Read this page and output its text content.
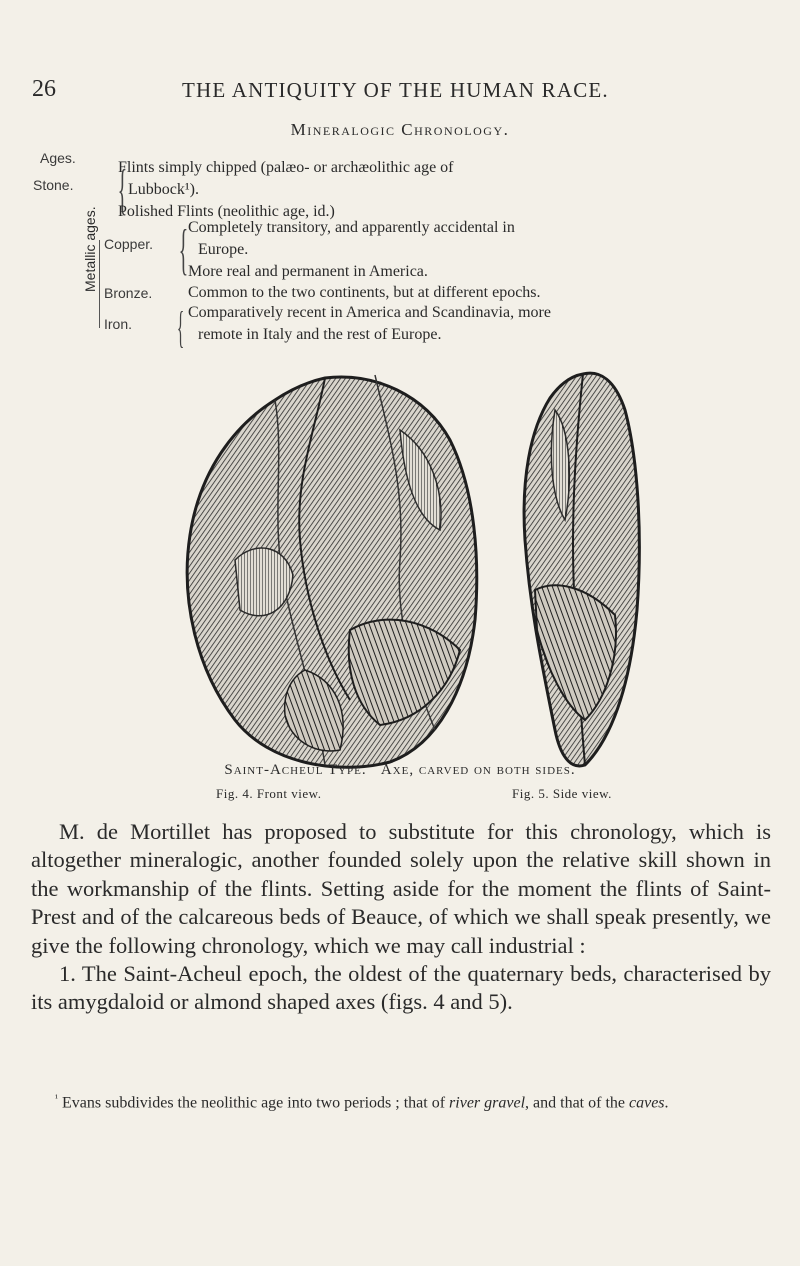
26	THE ANTIQUITY OF THE HUMAN RACE.
Mineralogic Chronology.
Ages.
Metallic ages.
Stone. {
Flints simply chipped (palæo- or archæolithic age of
Lubbock¹).
Polished Flints (neolithic age, id.)
Copper. { Completely transitory, and apparently accidental in
Europe.
More real and permanent in America.
Bronze. Common to the two continents, but at different epochs.
Iron. { Comparatively recent in America and Scandinavia, more
remote in Italy and the rest of Europe.
Saint-Acheul Type. Axe, carved on both sides.
Fig. 4. Front view.	Fig. 5. Side view.

M. de Mortillet has proposed to substitute for this chronology, which is altogether mineralogic, another founded solely upon the relative skill shown in the workmanship of the flints. Setting aside for the moment the flints of Saint-Prest and of the calcareous beds of Beauce, of which we shall speak presently, we give the following chronology, which we may call industrial :

1. The Saint-Acheul epoch, the oldest of the quaternary beds, characterised by its amygdaloid or almond shaped axes (figs. 4 and 5).

$^{^1}$ Evans subdivides the neolithic age into two periods ; that of river gravel, and that of the caves.
